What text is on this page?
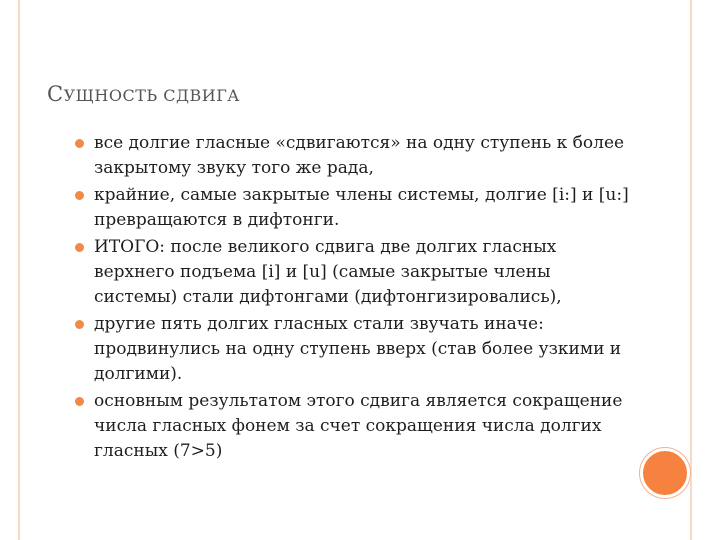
СУЩНОСТЬ СДВИГА
все долгие гласные «сдвигаются» на одну ступень к более закрытому звуку того же рада,
крайние, самые закрытые члены системы, долгие [i:] и [u:] превращаются в дифтонги.
ИТОГО: после великого сдвига две долгих гласных верхнего подъема [i] и [u] (самые закрытые члены системы) стали дифтонгами (дифтонгизировались),
другие пять долгих гласных стали звучать иначе: продвинулись на одну ступень вверх (став более узкими и долгими).
основным результатом этого сдвига является сокращение числа гласных фонем за счет сокращения числа долгих гласных (7>5)
